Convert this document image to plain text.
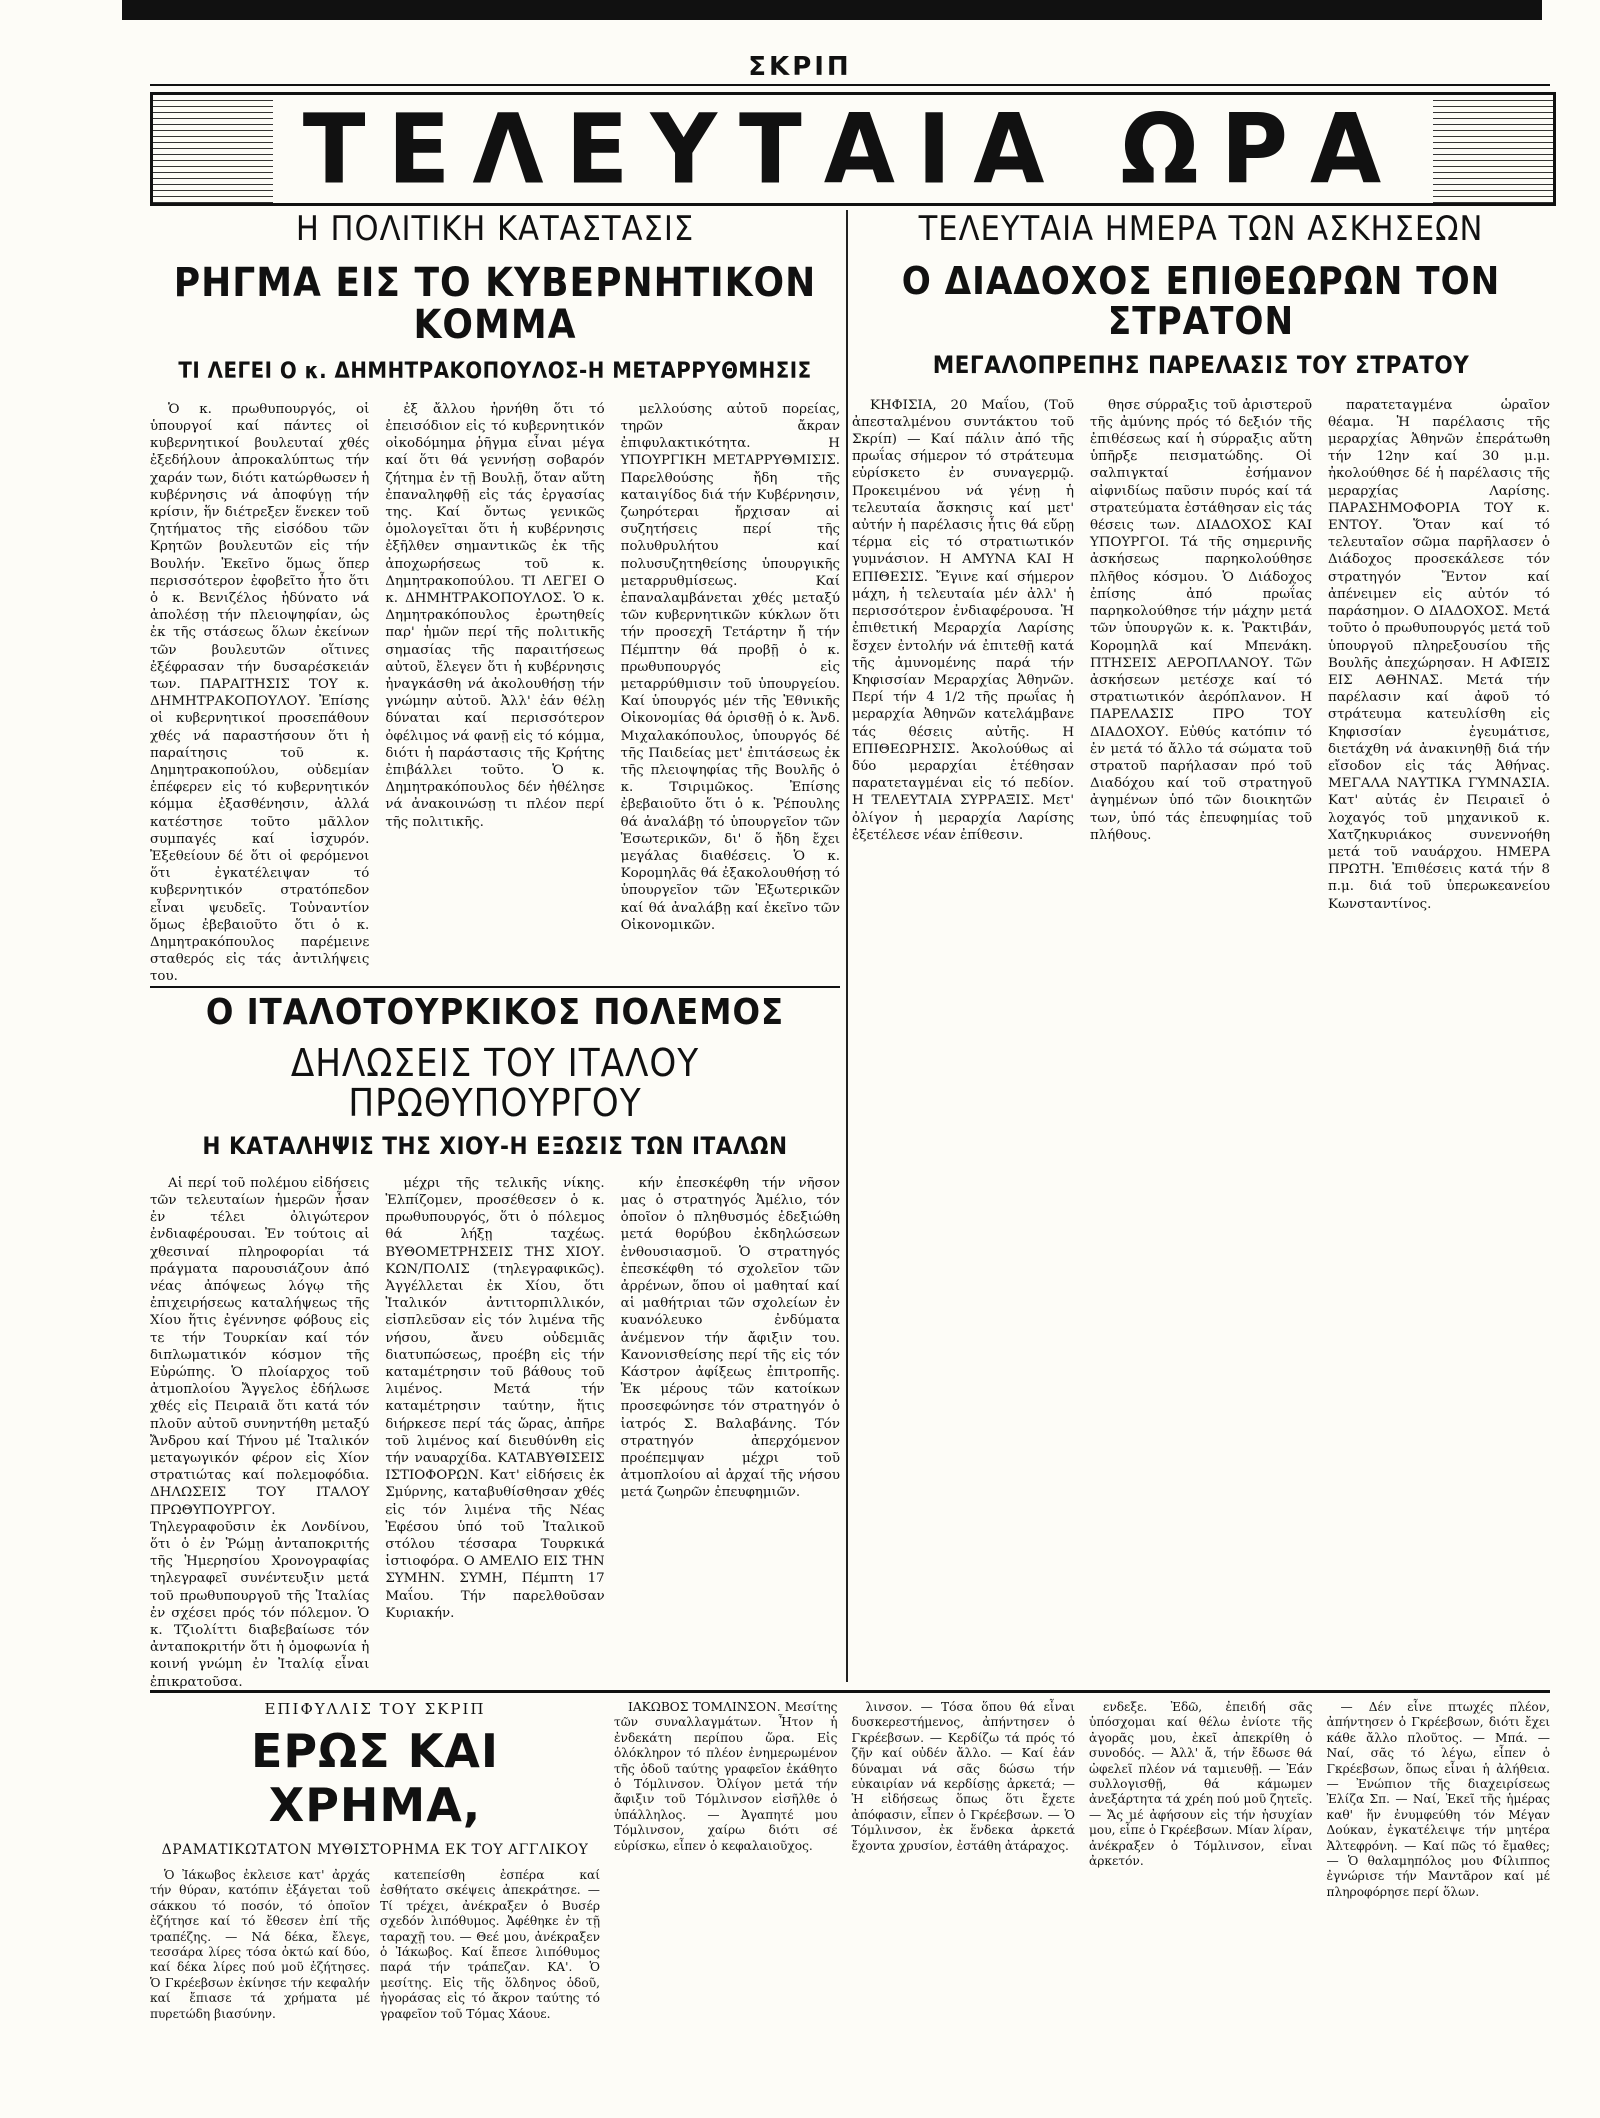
ΣΚΡΙΠ
ΤΕΛΕΥΤΑΙΑ ΩΡΑ
Η ΠΟΛΙΤΙΚΗ ΚΑΤΑΣΤΑΣΙΣ
ΡΗΓΜΑ ΕΙΣ ΤΟ ΚΥΒΕΡΝΗΤΙΚΟΝ ΚΟΜΜΑ
ΤΙ ΛΕΓΕΙ Ο κ. ΔΗΜΗΤΡΑΚΟΠΟΥΛΟΣ-Η ΜΕΤΑΡΡΥΘΜΗΣΙΣ

Ὁ κ. πρωθυπουργός, οἱ ὑπουργοί καί πάντες οἱ κυβερνητικοί βουλευταί χθές ἐξεδήλουν ἀπροκαλύπτως τήν χαράν των, διότι κατώρθωσεν ἡ κυβέρνησις νά ἀποφύγῃ τήν κρίσιν, ἥν διέτρεξεν ἕνεκεν τοῦ ζητήματος τῆς εἰσόδου τῶν Κρητῶν βουλευτῶν εἰς τήν Βουλήν. Ἐκεῖνο ὅμως ὅπερ περισσότερον ἐφοβεῖτο ἦτο ὅτι ὁ κ. Βενιζέλος ἠδύνατο νά ἀπολέσῃ τήν πλειοψηφίαν, ὡς ἐκ τῆς στάσεως ὅλων ἐκείνων τῶν βουλευτῶν οἵτινες ἐξέφρασαν τήν δυσαρέσκειάν των. ΠΑΡΑΙΤΗΣΙΣ ΤΟΥ κ. ΔΗΜΗΤΡΑΚΟΠΟΥΛΟΥ. Ἐπίσης οἱ κυβερνητικοί προσεπάθουν χθές νά παραστήσουν ὅτι ἡ παραίτησις τοῦ κ. Δημητρακοπούλου, οὐδεμίαν ἐπέφερεν εἰς τό κυβερνητικόν κόμμα ἐξασθένησιν, ἀλλά κατέστησε τοῦτο μᾶλλον συμπαγές καί ἰσχυρόν. Ἐξεθείουν δέ ὅτι οἱ φερόμενοι ὅτι ἐγκατέλειψαν τό κυβερνητικόν στρατόπεδον εἶναι ψευδεῖς. Τοὐναντίον ὅμως ἐβεβαιοῦτο ὅτι ὁ κ. Δημητρακόπουλος παρέμεινε σταθερός εἰς τάς ἀντιλήψεις του.

ἐξ ἄλλου ἠρνήθη ὅτι τό ἐπεισόδιον εἰς τό κυβερνητικόν οἰκοδόμημα ῥῆγμα εἶναι μέγα καί ὅτι θά γεννήσῃ σοβαρόν ζήτημα ἐν τῇ Βουλῇ, ὅταν αὕτη ἐπαναληφθῇ εἰς τάς ἐργασίας της. Καί ὄντως γενικῶς ὁμολογεῖται ὅτι ἡ κυβέρνησις ἐξῆλθεν σημαντικῶς ἐκ τῆς ἀποχωρήσεως τοῦ κ. Δημητρακοπούλου. ΤΙ ΛΕΓΕΙ Ο κ. ΔΗΜΗΤΡΑΚΟΠΟΥΛΟΣ. Ὁ κ. Δημητρακόπουλος ἐρωτηθείς παρ' ἡμῶν περί τῆς πολιτικῆς σημασίας τῆς παραιτήσεως αὐτοῦ, ἔλεγεν ὅτι ἡ κυβέρνησις ἠναγκάσθη νά ἀκολουθήσῃ τήν γνώμην αὐτοῦ. Ἀλλ' ἐάν θέλῃ δύναται καί περισσότερον ὀφέλιμος νά φανῇ εἰς τό κόμμα, διότι ἡ παράστασις τῆς Κρήτης ἐπιβάλλει τοῦτο. Ὁ κ. Δημητρακόπουλος δέν ἠθέλησε νά ἀνακοινώσῃ τι πλέον περί τῆς πολιτικῆς.

μελλούσης αὐτοῦ πορείας, τηρῶν ἄκραν ἐπιφυλακτικότητα. Η ΥΠΟΥΡΓΙΚΗ ΜΕΤΑΡΡΥΘΜΙΣΙΣ. Παρελθούσης ἤδη τῆς καταιγίδος διά τήν Κυβέρνησιν, ζωηρότεραι ἤρχισαν αἱ συζητήσεις περί τῆς πολυθρυλήτου καί πολυσυζητηθείσης ὑπουργικῆς μεταρρυθμίσεως. Καί ἐπαναλαμβάνεται χθές μεταξύ τῶν κυβερνητικῶν κύκλων ὅτι τήν προσεχῆ Τετάρτην ἤ τήν Πέμπτην θά προβῇ ὁ κ. πρωθυπουργός εἰς μεταρρύθμισιν τοῦ ὑπουργείου. Καί ὑπουργός μέν τῆς Ἐθνικῆς Οἰκονομίας θά ὁρισθῇ ὁ κ. Ἀνδ. Μιχαλακόπουλος, ὑπουργός δέ τῆς Παιδείας μετ' ἐπιτάσεως ἐκ τῆς πλειοψηφίας τῆς Βουλῆς ὁ κ. Τσιριμῶκος. Ἐπίσης ἐβεβαιοῦτο ὅτι ὁ κ. Ῥέπουλης θά ἀναλάβῃ τό ὑπουργεῖον τῶν Ἐσωτερικῶν, δι' ὅ ἤδη ἔχει μεγάλας διαθέσεις. Ὁ κ. Κορομηλᾶς θά ἐξακολουθήσῃ τό ὑπουργεῖον τῶν Ἐξωτερικῶν καί θά ἀναλάβῃ καί ἐκεῖνο τῶν Οἰκονομικῶν.

Ο ΙΤΑΛΟΤΟΥΡΚΙΚΟΣ ΠΟΛΕΜΟΣ
ΔΗΛΩΣΕΙΣ ΤΟΥ ΙΤΑΛΟΥ ΠΡΩΘΥΠΟΥΡΓΟΥ
Η ΚΑΤΑΛΗΨΙΣ ΤΗΣ ΧΙΟΥ-Η ΕΞΩΣΙΣ ΤΩΝ ΙΤΑΛΩΝ

Αἱ περί τοῦ πολέμου εἰδήσεις τῶν τελευταίων ἡμερῶν ἦσαν ἐν τέλει ὀλιγώτερον ἐνδιαφέρουσαι. Ἐν τούτοις αἱ χθεσιναί πληροφορίαι τά πράγματα παρουσιάζουν ἀπό νέας ἀπόψεως λόγῳ τῆς ἐπιχειρήσεως καταλήψεως τῆς Χίου ἥτις ἐγέννησε φόβους εἰς τε τήν Τουρκίαν καί τόν διπλωματικόν κόσμον τῆς Εὐρώπης. Ὁ πλοίαρχος τοῦ ἀτμοπλοίου Ἄγγελος ἐδήλωσε χθές εἰς Πειραιᾶ ὅτι κατά τόν πλοῦν αὐτοῦ συνηντήθη μεταξύ Ἄνδρου καί Τήνου μέ Ἰταλικόν μεταγωγικόν φέρον εἰς Χίον στρατιώτας καί πολεμοφόδια. ΔΗΛΩΣΕΙΣ ΤΟΥ ΙΤΑΛΟΥ ΠΡΩΘΥΠΟΥΡΓΟΥ. Τηλεγραφοῦσιν ἐκ Λονδίνου, ὅτι ὁ ἐν Ῥώμῃ ἀνταποκριτής τῆς Ἡμερησίου Χρονογραφίας τηλεγραφεῖ συνέντευξιν μετά τοῦ πρωθυπουργοῦ τῆς Ἰταλίας ἐν σχέσει πρός τόν πόλεμον. Ὁ κ. Τζιολίττι διαβεβαίωσε τόν ἀνταποκριτήν ὅτι ἡ ὁμοφωνία ἡ κοινή γνώμη ἐν Ἰταλίᾳ εἶναι ἐπικρατοῦσα.

μέχρι τῆς τελικῆς νίκης. Ἐλπίζομεν, προσέθεσεν ὁ κ. πρωθυπουργός, ὅτι ὁ πόλεμος θά λήξῃ ταχέως. ΒΥΘΟΜΕΤΡΗΣΕΙΣ ΤΗΣ ΧΙΟΥ. ΚΩΝ/ΠΟΛΙΣ (τηλεγραφικῶς). Ἀγγέλλεται ἐκ Χίου, ὅτι Ἰταλικόν ἀντιτορπιλλικόν, εἰσπλεῦσαν εἰς τόν λιμένα τῆς νήσου, ἄνευ οὐδεμιᾶς διατυπώσεως, προέβη εἰς τήν καταμέτρησιν τοῦ βάθους τοῦ λιμένος. Μετά τήν καταμέτρησιν ταύτην, ἥτις διήρκεσε περί τάς ὥρας, ἀπῆρε τοῦ λιμένος καί διευθύνθη εἰς τήν ναυαρχίδα. ΚΑΤΑΒΥΘΙΣΕΙΣ ΙΣΤΙΟΦΟΡΩΝ. Κατ' εἰδήσεις ἐκ Σμύρνης, καταβυθίσθησαν χθές εἰς τόν λιμένα τῆς Νέας Ἐφέσου ὑπό τοῦ Ἰταλικοῦ στόλου τέσσαρα Τουρκικά ἱστιοφόρα. Ο ΑΜΕΛΙΟ ΕΙΣ ΤΗΝ ΣΥΜΗΝ. ΣΥΜΗ, Πέμπτη 17 Μαΐου. Τήν παρελθοῦσαν Κυριακήν.

κήν ἐπεσκέφθη τήν νῆσον μας ὁ στρατηγός Ἀμέλιο, τόν ὁποῖον ὁ πληθυσμός ἐδεξιώθη μετά θορύβου ἐκδηλώσεων ἐνθουσιασμοῦ. Ὁ στρατηγός ἐπεσκέφθη τό σχολεῖον τῶν ἀρρένων, ὅπου οἱ μαθηταί καί αἱ μαθήτριαι τῶν σχολείων ἐν κυανόλευκο ἐνδύματα ἀνέμενον τήν ἄφιξιν του. Κανονισθείσης περί τῆς εἰς τόν Κάστρον ἀφίξεως ἐπιτροπῆς. Ἐκ μέρους τῶν κατοίκων προσεφώνησε τόν στρατηγόν ὁ ἰατρός Σ. Βαλαβάνης. Τόν στρατηγόν ἀπερχόμενον προέπεμψαν μέχρι τοῦ ἀτμοπλοίου αἱ ἀρχαί τῆς νήσου μετά ζωηρῶν ἐπευφημιῶν.

ΤΕΛΕΥΤΑΙΑ ΗΜΕΡΑ ΤΩΝ ΑΣΚΗΣΕΩΝ
Ο ΔΙΑΔΟΧΟΣ ΕΠΙΘΕΩΡΩΝ ΤΟΝ ΣΤΡΑΤΟΝ
ΜΕΓΑΛΟΠΡΕΠΗΣ ΠΑΡΕΛΑΣΙΣ ΤΟΥ ΣΤΡΑΤΟΥ

ΚΗΦΙΣΙΑ, 20 Μαΐου, (Τοῦ ἀπεσταλμένου συντάκτου τοῦ Σκρίπ) — Καί πάλιν ἀπό τῆς πρωΐας σήμερον τό στράτευμα εὑρίσκετο ἐν συναγερμῷ. Προκειμένου νά γένῃ ἡ τελευταία ἄσκησις καί μετ' αὐτήν ἡ παρέλασις ἧτις θά εὕρῃ τέρμα εἰς τό στρατιωτικόν γυμνάσιον. Η ΑΜΥΝΑ ΚΑΙ Η ΕΠΙΘΕΣΙΣ. Ἔγινε καί σήμερον μάχη, ἡ τελευταία μέν ἀλλ' ἡ περισσότερον ἐνδιαφέρουσα. Ἡ ἐπιθετική Μεραρχία Λαρίσης ἔσχεν ἐντολήν νά ἐπιτεθῇ κατά τῆς ἀμυνομένης παρά τήν Κηφισσίαν Μεραρχίας Ἀθηνῶν. Περί τήν 4 1/2 τῆς πρωΐας ἡ μεραρχία Ἀθηνῶν κατελάμβανε τάς θέσεις αὐτῆς. Η ΕΠΙΘΕΩΡΗΣΙΣ. Ἀκολούθως αἱ δύο μεραρχίαι ἐτέθησαν παρατεταγμέναι εἰς τό πεδίον. Η ΤΕΛΕΥΤΑΙΑ ΣΥΡΡΑΞΙΣ. Μετ' ὀλίγον ἡ μεραρχία Λαρίσης ἐξετέλεσε νέαν ἐπίθεσιν.

θησε σύρραξις τοῦ ἀριστεροῦ τῆς ἀμύνης πρός τό δεξιόν τῆς ἐπιθέσεως καί ἡ σύρραξις αὕτη ὑπῆρξε πεισματώδης. Οἱ σαλπιγκταί ἐσήμανον αἰφνιδίως παῦσιν πυρός καί τά στρατεύματα ἐστάθησαν εἰς τάς θέσεις των. ΔΙΑΔΟΧΟΣ ΚΑΙ ΥΠΟΥΡΓΟΙ. Τά τῆς σημερινῆς ἀσκήσεως παρηκολούθησε πλῆθος κόσμου. Ὁ Διάδοχος ἐπίσης ἀπό πρωΐας παρηκολούθησε τήν μάχην μετά τῶν ὑπουργῶν κ. κ. Ῥακτιβάν, Κορομηλᾶ καί Μπενάκη. ΠΤΗΣΕΙΣ ΑΕΡΟΠΛΑΝΟΥ. Τῶν ἀσκήσεων μετέσχε καί τό στρατιωτικόν ἀερόπλανον. Η ΠΑΡΕΛΑΣΙΣ ΠΡΟ ΤΟΥ ΔΙΑΔΟΧΟΥ. Εὐθύς κατόπιν τό ἐν μετά τό ἄλλο τά σώματα τοῦ στρατοῦ παρήλασαν πρό τοῦ Διαδόχου καί τοῦ στρατηγοῦ ἀγημένων ὑπό τῶν διοικητῶν των, ὑπό τάς ἐπευφημίας τοῦ πλήθους.

παρατεταγμένα ὡραῖον θέαμα. Ἡ παρέλασις τῆς μεραρχίας Ἀθηνῶν ἐπεράτωθη τήν 12ην καί 30 μ.μ. ἠκολούθησε δέ ἡ παρέλασις τῆς μεραρχίας Λαρίσης. ΠΑΡΑΣΗΜΟΦΟΡΙΑ ΤΟΥ κ. ΕΝΤΟΥ. Ὅταν καί τό τελευταῖον σῶμα παρῆλασεν ὁ Διάδοχος προσεκάλεσε τόν στρατηγόν Ἔντον καί ἀπένειμεν εἰς αὐτόν τό παράσημον. Ο ΔΙΑΔΟΧΟΣ. Μετά τοῦτο ὁ πρωθυπουργός μετά τοῦ ὑπουργοῦ πληρεξουσίου τῆς Βουλῆς ἀπεχώρησαν. Η ΑΦΙΞΙΣ ΕΙΣ ΑΘΗΝΑΣ. Μετά τήν παρέλασιν καί ἀφοῦ τό στράτευμα κατευλίσθη εἰς Κηφισσίαν ἐγευμάτισε, διετάχθη νά ἀνακινηθῇ διά τήν εἴσοδον εἰς τάς Ἀθήνας. ΜΕΓΑΛΑ ΝΑΥΤΙΚΑ ΓΥΜΝΑΣΙΑ. Κατ' αὐτάς ἐν Πειραιεῖ ὁ λοχαγός τοῦ μηχανικοῦ κ. Χατζηκυριάκος συνεννοήθη μετά τοῦ ναυάρχου. ΗΜΕΡΑ ΠΡΩΤΗ. Ἐπιθέσεις κατά τήν 8 π.μ. διά τοῦ ὑπερωκεανείου Κωνσταντίνος.

ΕΠΙΦΥΛΛΙΣ ΤΟΥ ΣΚΡΙΠ
ΕΡΩΣ ΚΑΙ ΧΡΗΜΑ,
ΔΡΑΜΑΤΙΚΩΤΑΤΟΝ ΜΥΘΙΣΤΟΡΗΜΑ ΕΚ ΤΟΥ ΑΓΓΛΙΚΟΥ

Ὁ Ἰάκωβος ἐκλεισε κατ' ἀρχάς τήν θύραν, κατόπιν ἐξάγεται τοῦ σάκκου τό ποσόν, τό ὁποῖον ἐζήτησε καί τό ἔθεσεν ἐπί τῆς τραπέζης. — Νά δέκα, ἔλεγε, τεσσάρα λίρες τόσα ὀκτώ καί δύο, καί δέκα λίρες πού μοῦ ἐζήτησες. Ὁ Γκρέεβσων ἐκίνησε τήν κεφαλήν καί ἔπιασε τά χρήματα μέ πυρετώδη βιασύνην.

κατεπείσθη ἐσπέρα καί ἐσθήτατο σκέψεις ἀπεκράτησε. — Τί τρέχει, ἀνέκραξεν ὁ Βυσέρ σχεδόν λιπόθυμος. Ἀφέθηκε ἐν τῇ ταραχῇ του. — Θεέ μου, ἀνέκραξεν ὁ Ἰάκωβος. Καί ἔπεσε λιπόθυμος παρά τήν τράπεζαν. ΚΑ'. Ὁ μεσίτης. Εἰς τῆς ὅλδηνος ὁδοῦ, ἠγοράσας εἰς τό ἄκρον ταύτης τό γραφεῖον τοῦ Τόμας Χάουε.

ΙΑΚΩΒΟΣ ΤΟΜΛΙΝΣΟΝ. Μεσίτης τῶν συναλλαγμάτων. Ἦτον ἡ ἐνδεκάτη περίπου ὥρα. Εἰς ὁλόκληρον τό πλέον ἐνημερωμένον τῆς ὁδοῦ ταύτης γραφεῖον ἐκάθητο ὁ Τόμλινσον. Ὀλίγον μετά τήν ἄφιξιν τοῦ Τόμλινσον εἰσῆλθε ὁ ὑπάλληλος. — Ἀγαπητέ μου Τόμλινσον, χαίρω διότι σέ εὑρίσκω, εἶπεν ὁ κεφαλαιοῦχος.

λινσον. — Τόσα ὅπου θά εἶναι δυσκερεστήμενος, ἀπήντησεν ὁ Γκρέεβσων. — Κερδίζω τά πρός τό ζῆν καί οὐδέν ἄλλο. — Καί ἐάν δύναμαι νά σᾶς δώσω τήν εὐκαιρίαν νά κερδίσῃς ἀρκετά; — Ἡ εἰδήσεως ὅπως ὅτι ἔχετε ἀπόφασιν, εἶπεν ὁ Γκρέεβσων. — Ὁ Τόμλινσον, ἐκ ἕνδεκα ἀρκετά ἔχοντα χρυσίον, ἐστάθη ἀτάραχος.

ενδεξε. Ἐδῶ, ἐπειδή σᾶς ὑπόσχομαι καί θέλω ἐνίοτε τῆς ἀγορᾶς μου, ἐκεῖ ἀπεκρίθη ὁ συνοδός. — Ἀλλ' ἄ, τήν ἔδωσε θά ὠφελεῖ πλέον νά ταμιευθῇ. — Ἐάν συλλογισθῇ, θά κάμωμεν ἀνεξάρτητα τά χρέη πού μοῦ ζητεῖς. — Ἄς μέ ἀφήσουν εἰς τήν ἡσυχίαν μου, εἶπε ὁ Γκρέεβσων. Μίαν λίραν, ἀνέκραξεν ὁ Τόμλινσον, εἶναι ἀρκετόν.

— Δέν εἶνε πτωχές πλέον, ἀπήντησεν ὁ Γκρέεβσων, διότι ἔχει κάθε ἄλλο πλοῦτος. — Μπά. — Ναί, σᾶς τό λέγω, εἶπεν ὁ Γκρέεβσων, ὅπως εἶναι ἡ ἀλήθεια. — Ἐνώπιον τῆς διαχειρίσεως Ἐλίζα Σπ. — Ναί, Ἐκεῖ τῆς ἡμέρας καθ' ἥν ἐνυμφεύθη τόν Μέγαν Δούκαν, ἐγκατέλειψε τήν μητέρα Ἀλτεφρόνη. — Καί πῶς τό ἔμαθες; — Ὁ θαλαμηπόλος μου Φίλιππος ἐγνώρισε τήν Μαντᾶρον καί μέ πληροφόρησε περί ὅλων.
